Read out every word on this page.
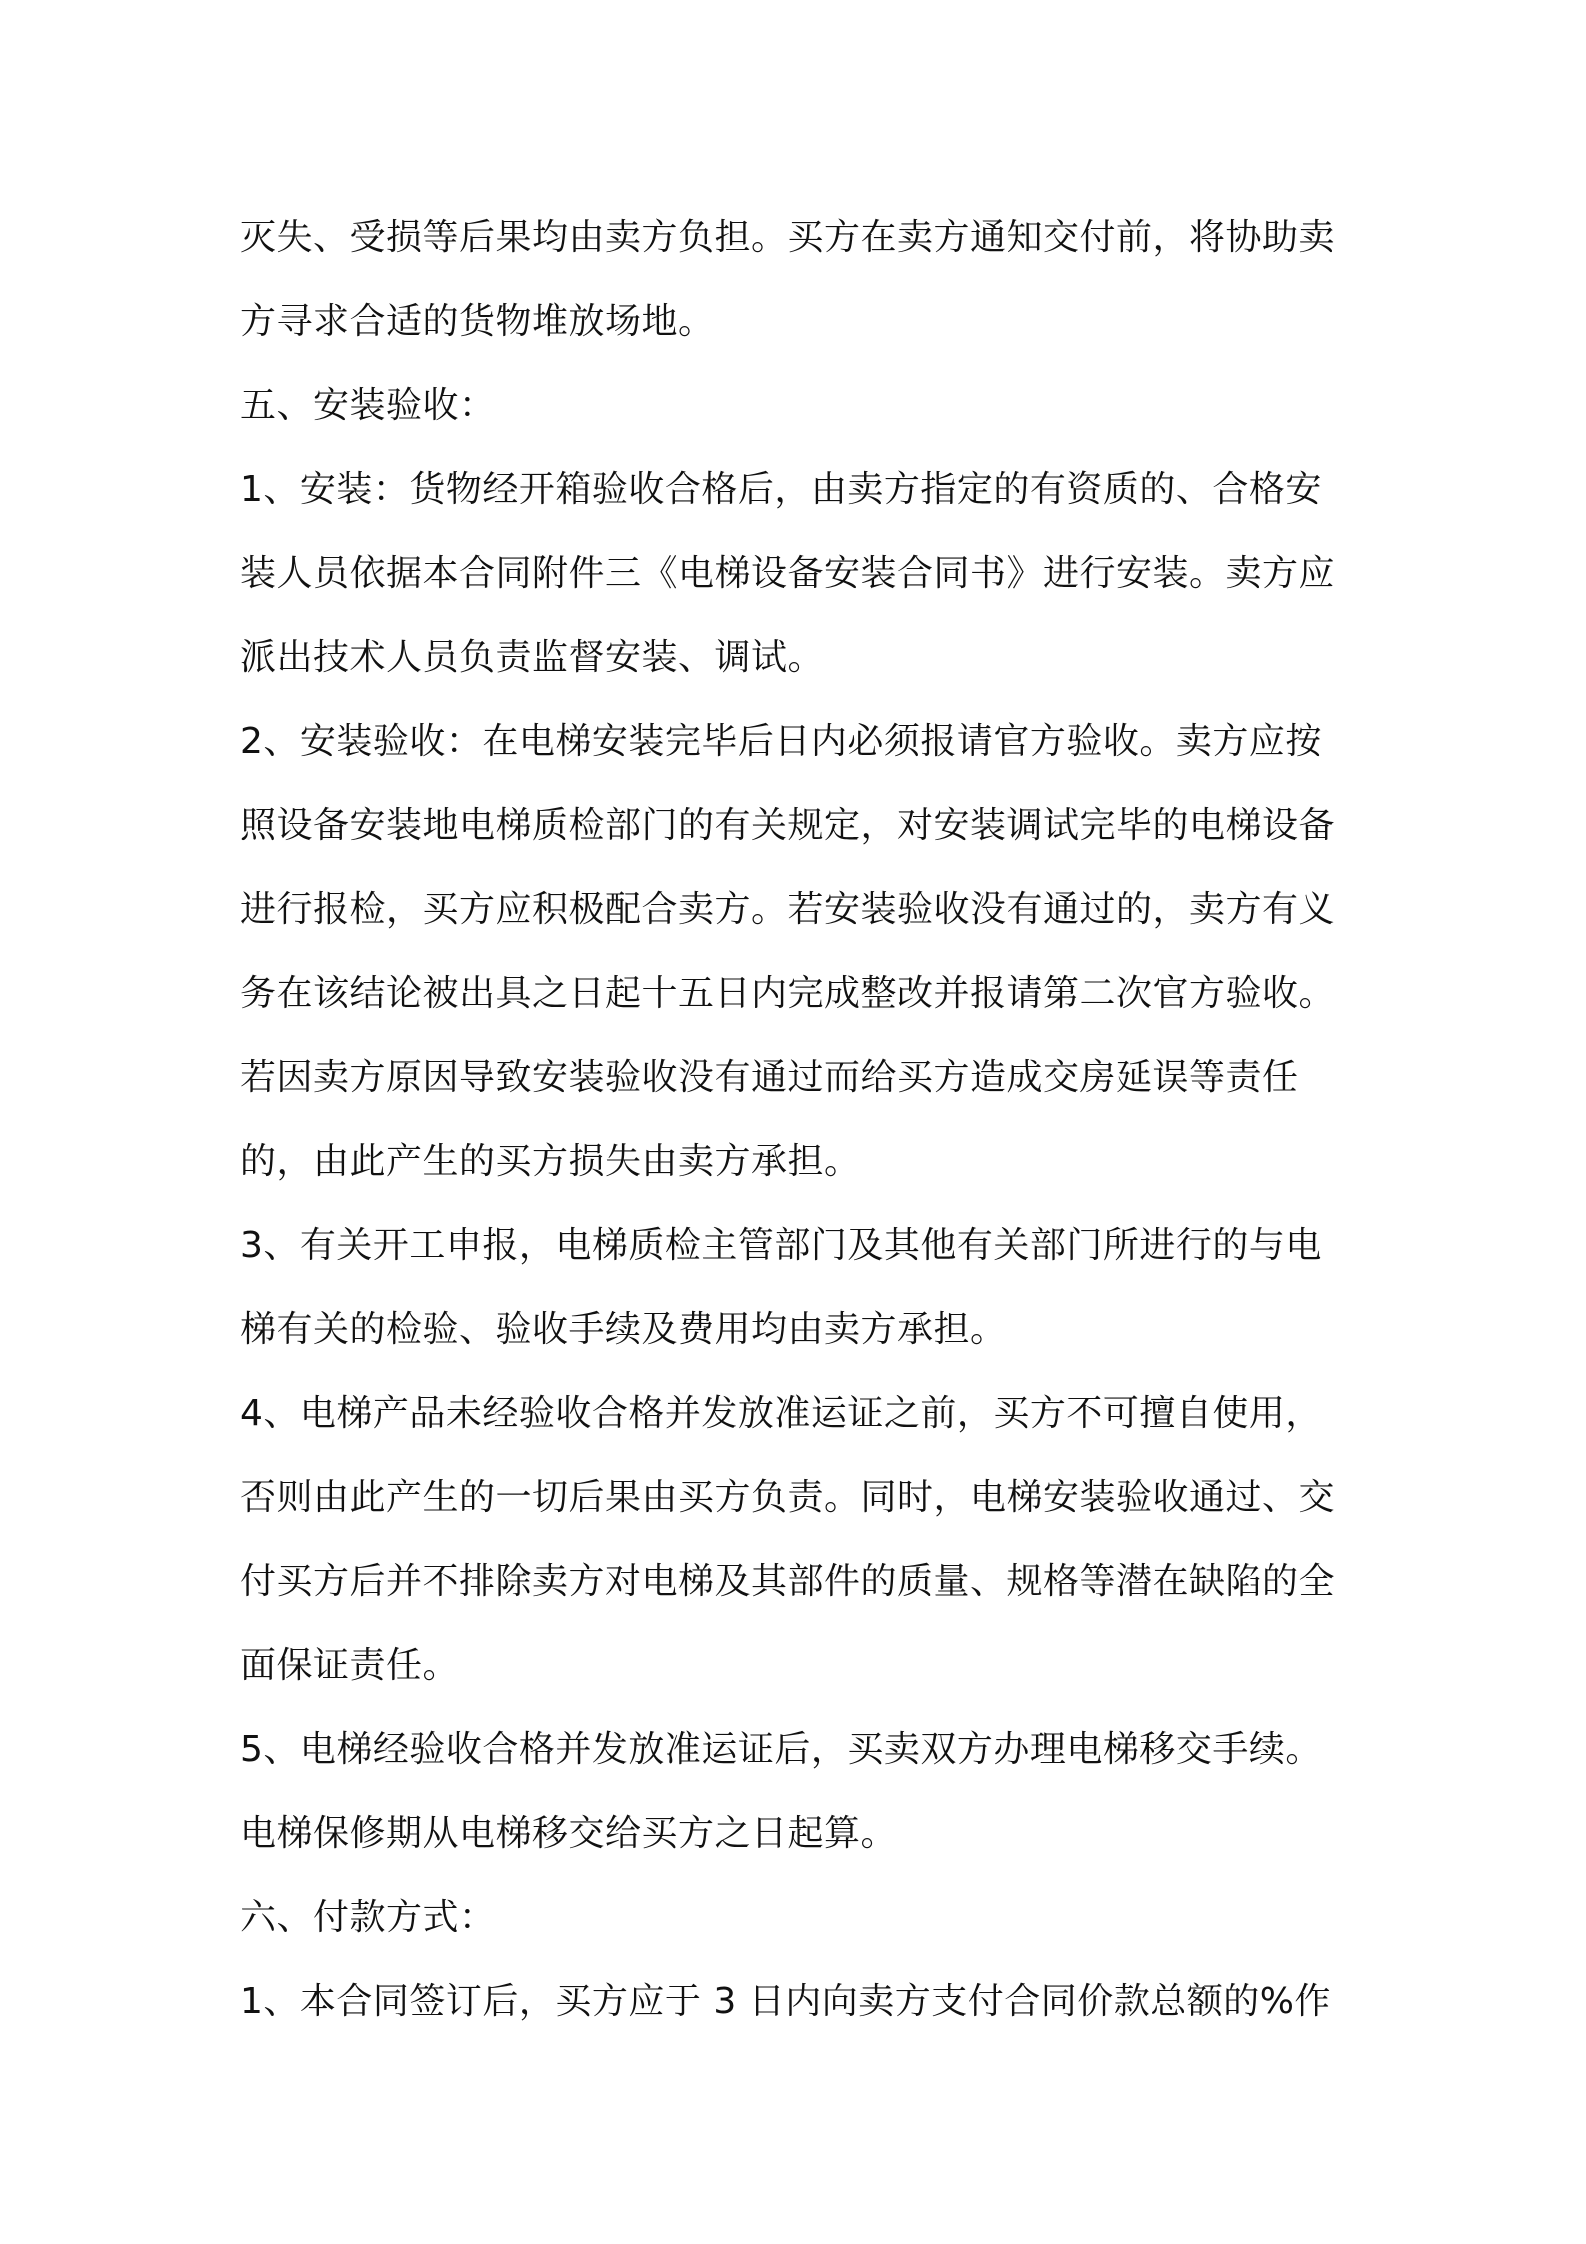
灭失、受损等后果均由卖方负担。买方在卖方通知交付前，将协助卖
方寻求合适的货物堆放场地。
五、安装验收：
1、安装：货物经开箱验收合格后，由卖方指定的有资质的、合格安
装人员依据本合同附件三《电梯设备安装合同书》进行安装。卖方应
派出技术人员负责监督安装、调试。
2、安装验收：在电梯安装完毕后日内必须报请官方验收。卖方应按
照设备安装地电梯质检部门的有关规定，对安装调试完毕的电梯设备
进行报检，买方应积极配合卖方。若安装验收没有通过的，卖方有义
务在该结论被出具之日起十五日内完成整改并报请第二次官方验收。
若因卖方原因导致安装验收没有通过而给买方造成交房延误等责任
的，由此产生的买方损失由卖方承担。
3、有关开工申报，电梯质检主管部门及其他有关部门所进行的与电
梯有关的检验、验收手续及费用均由卖方承担。
4、电梯产品未经验收合格并发放准运证之前，买方不可擅自使用，
否则由此产生的一切后果由买方负责。同时，电梯安装验收通过、交
付买方后并不排除卖方对电梯及其部件的质量、规格等潜在缺陷的全
面保证责任。
5、电梯经验收合格并发放准运证后，买卖双方办理电梯移交手续。
电梯保修期从电梯移交给买方之日起算。
六、付款方式：
1、本合同签订后，买方应于 3 日内向卖方支付合同价款总额的%作
